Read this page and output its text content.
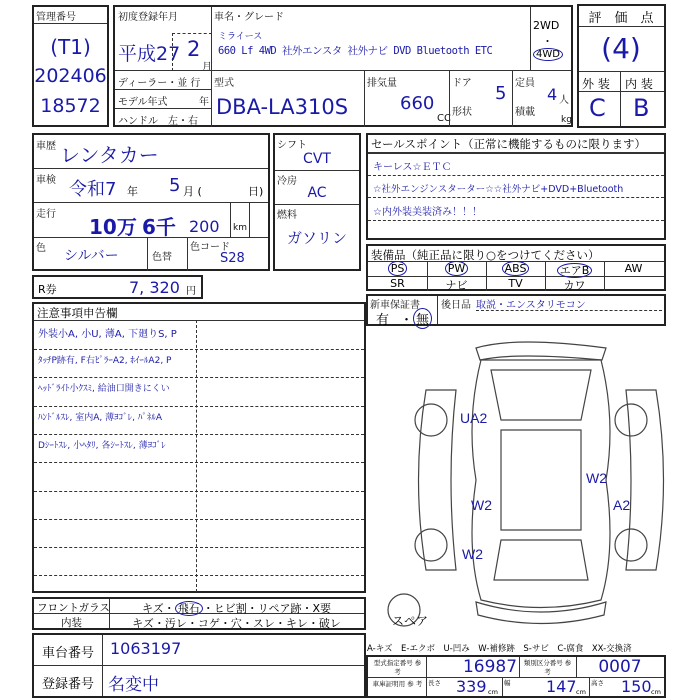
管理番号
(T1)
202406
18572
初度登録年月
平成27 2
月
車名・グレード
ミライース
660 Lf 4WD 社外エンスタ 社外ナビ DVD Bluetooth ETC
2WD
・
4WD
ディーラー・並 行
モデル年式	年
ハンドル　左・右
型式
DBA-LA310S
排気量
660
CC
ドア 5
形状
定員
4 人
積載
kg
評　価　点
(4)
外 装 内 装
C B
車歴 レンタカー
車検 令和7 年 5 月 (	日)
走行
10万 6千 200 km
色 シルバー	色替
色コード
S28
シフト
CVT
冷房
AC
燃料
ガソリン
R券	7, 320 円
セールスポイント（正常に機能するものに限ります）
キーレス☆ＥＴＣ
☆社外エンジンスターター☆☆社外ナビ+DVD+Bluetooth
☆内外装美装済み！！！
装備品（純正品に限り○をつけてください）
PS	PW	ABS	エアB	AW
SR	ナビ	TV	カワ
新車保証書
有 ・ 無
後日品 取説・エンスタリモコン
注意事項申告欄
外装小A, 小U, 薄A, 下廻りS, P
ﾀｯﾁP跡有, F右ﾋﾟﾗｰA2, ﾎｲｰﾙA2, P
ﾍｯﾄﾞﾗｲﾄ小ｸｽﾐ, 給油口開きにくい
ﾊﾝﾄﾞﾙｽﾚ, 室内A, 薄ﾖｺﾞﾚ, ﾊﾟﾈﾙA
Dｼｰﾄｽﾚ, 小ﾍﾀﾘ, 各ｼｰﾄｽﾚ, 薄ﾖｺﾞﾚ
UA2
W2
A2
W2
W2
スペア
フロントガラス	キズ・ 飛石 ・ヒビ割・リペア跡・X要
内装	キズ・汚レ・コゲ・穴・スレ・キレ・破レ
車台番号	1063197
登録番号 名変中
A-キズ　E-エクボ　U-凹み　W-補修跡　S-サビ　C-腐食　XX-交換済
型式指定番号 参 考	16987	類別区分番号 参 考	0007
車庫証明用 参 考 長さ 339 cm
幅 147 cm
高さ 150 cm
